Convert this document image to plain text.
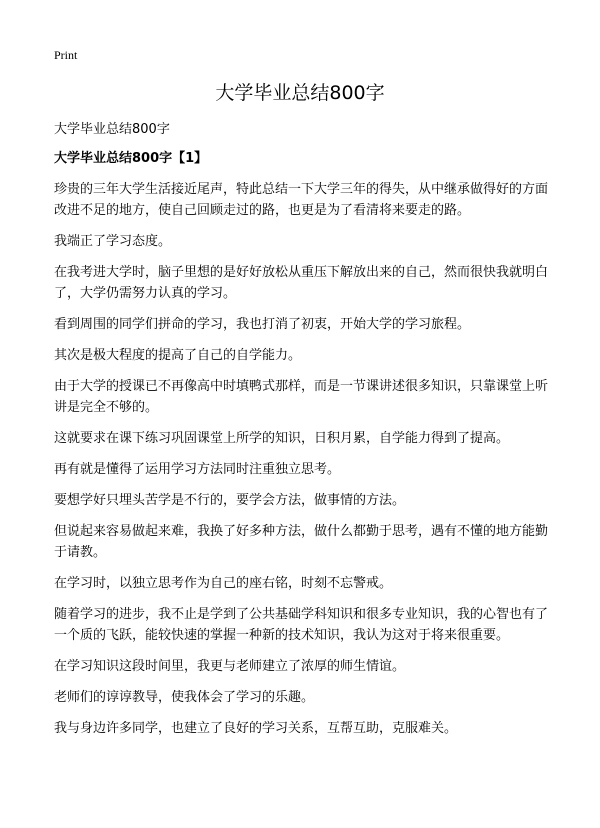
Print
大学毕业总结800字
大学毕业总结800字
大学毕业总结800字【1】

珍贵的三年大学生活接近尾声，特此总结一下大学三年的得失，从中继承做得好的方面改进不足的地方，使自己回顾走过的路，也更是为了看清将来要走的路。

我端正了学习态度。

在我考进大学时，脑子里想的是好好放松从重压下解放出来的自己，然而很快我就明白了，大学仍需努力认真的学习。

看到周围的同学们拼命的学习，我也打消了初衷，开始大学的学习旅程。

其次是极大程度的提高了自己的自学能力。

由于大学的授课已不再像高中时填鸭式那样，而是一节课讲述很多知识，只靠课堂上听讲是完全不够的。

这就要求在课下练习巩固课堂上所学的知识，日积月累，自学能力得到了提高。

再有就是懂得了运用学习方法同时注重独立思考。

要想学好只埋头苦学是不行的，要学会方法，做事情的方法。

但说起来容易做起来难，我换了好多种方法，做什么都勤于思考，遇有不懂的地方能勤于请教。

在学习时，以独立思考作为自己的座右铭，时刻不忘警戒。

随着学习的进步，我不止是学到了公共基础学科知识和很多专业知识，我的心智也有了一个质的飞跃，能较快速的掌握一种新的技术知识，我认为这对于将来很重要。

在学习知识这段时间里，我更与老师建立了浓厚的师生情谊。

老师们的谆谆教导，使我体会了学习的乐趣。

我与身边许多同学，也建立了良好的学习关系，互帮互助，克服难关。
